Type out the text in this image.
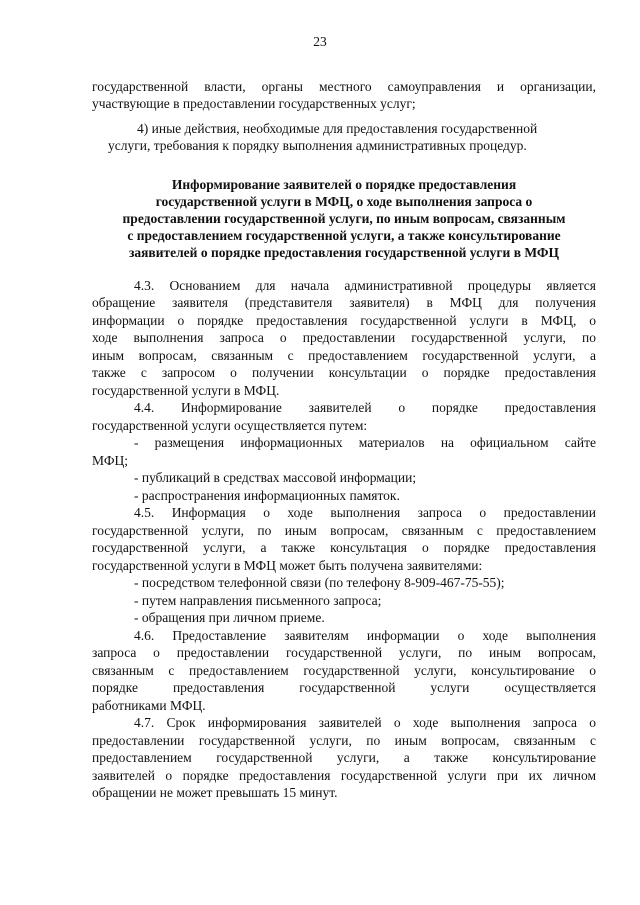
23
государственной власти, органы местного самоуправления и организации,
участвующие в предоставлении государственных услуг;
4) иные действия, необходимые для предоставления государственной
услуги, требования к порядку выполнения административных процедур.
Информирование заявителей о порядке предоставления
государственной услуги в МФЦ, о ходе выполнения запроса о
предоставлении государственной услуги, по иным вопросам, связанным
с предоставлением государственной услуги, а также консультирование
заявителей о порядке предоставления государственной услуги в МФЦ
4.3. Основанием для начала административной процедуры является
обращение заявителя (представителя заявителя) в МФЦ для получения
информации о порядке предоставления государственной услуги в МФЦ, о
ходе выполнения запроса о предоставлении государственной услуги, по
иным вопросам, связанным с предоставлением государственной услуги, а
также с запросом о получении консультации о порядке предоставления
государственной услуги в МФЦ.
4.4. Информирование заявителей о порядке предоставления
государственной услуги осуществляется путем:
- размещения информационных материалов на официальном сайте
МФЦ;
- публикаций в средствах массовой информации;
- распространения информационных памяток.
4.5. Информация о ходе выполнения запроса о предоставлении
государственной услуги, по иным вопросам, связанным с предоставлением
государственной услуги, а также консультация о порядке предоставления
государственной услуги в МФЦ может быть получена заявителями:
- посредством телефонной связи (по телефону 8-909-467-75-55);
- путем направления письменного запроса;
- обращения при личном приеме.
4.6. Предоставление заявителям информации о ходе выполнения
запроса о предоставлении государственной услуги, по иным вопросам,
связанным с предоставлением государственной услуги, консультирование о
порядке предоставления государственной услуги осуществляется
работниками МФЦ.
4.7. Срок информирования заявителей о ходе выполнения запроса о
предоставлении государственной услуги, по иным вопросам, связанным с
предоставлением государственной услуги, а также консультирование
заявителей о порядке предоставления государственной услуги при их личном
обращении не может превышать 15 минут.
